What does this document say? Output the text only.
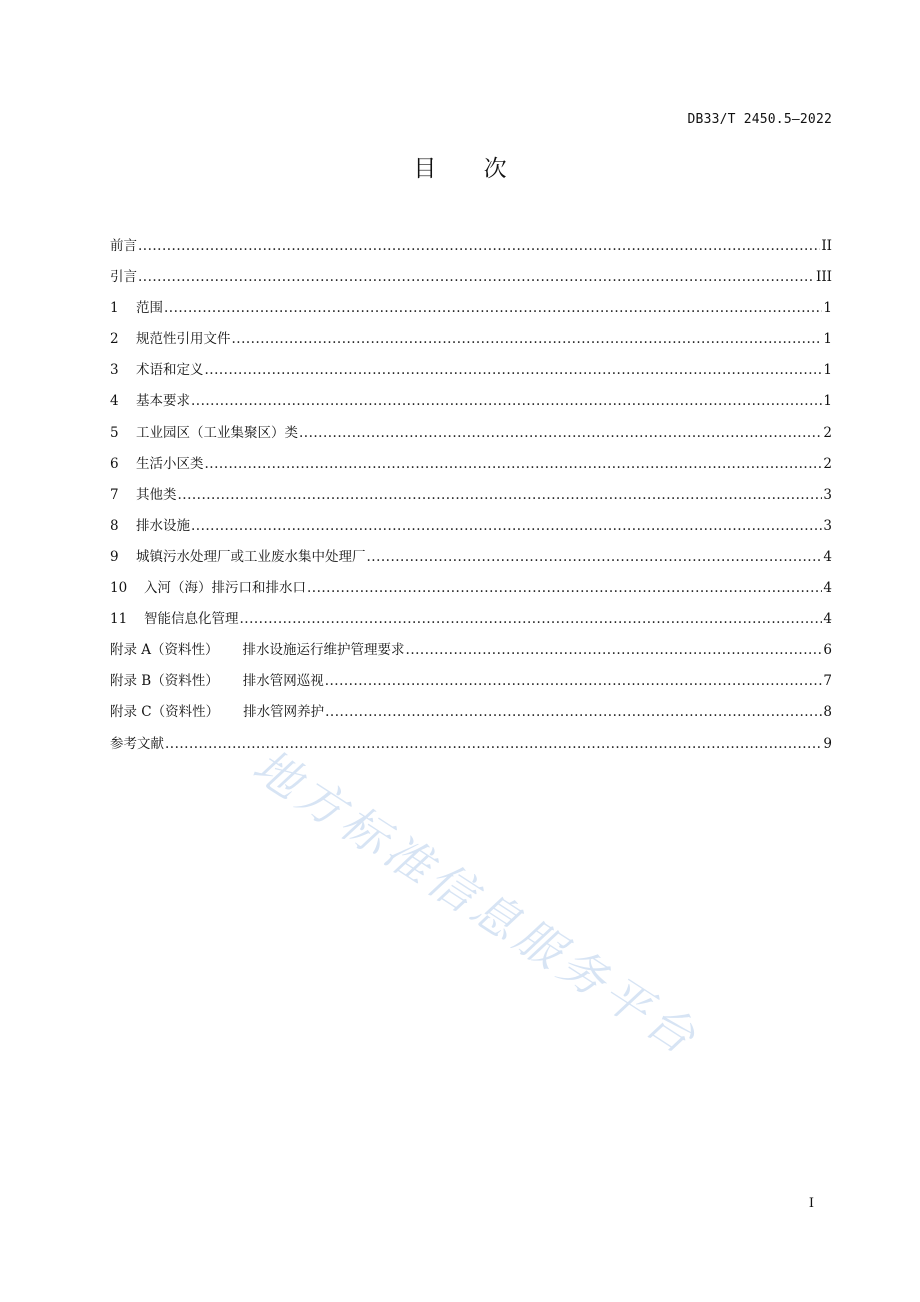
DB33/T 2450.5—2022
目 次
前言 .....	II
引言 .....	III
1	范围 .....	1
2	规范性引用文件 .....	1
3	术语和定义 .....	1
4	基本要求 .....	1
5	工业园区（工业集聚区）类 .....	2
6	生活小区类 .....	2
7	其他类 .....	3
8	排水设施 .....	3
9	城镇污水处理厂或工业废水集中处理厂 .....	4
10	入河（海）排污口和排水口 .....	4
11	智能信息化管理 .....	4
附录 A（资料性） 排水设施运行维护管理要求 .....	6
附录 B（资料性） 排水管网巡视 .....	7
附录 C（资料性） 排水管网养护 .....	8
参考文献 .....	9
地方标准信息服务平台
I
